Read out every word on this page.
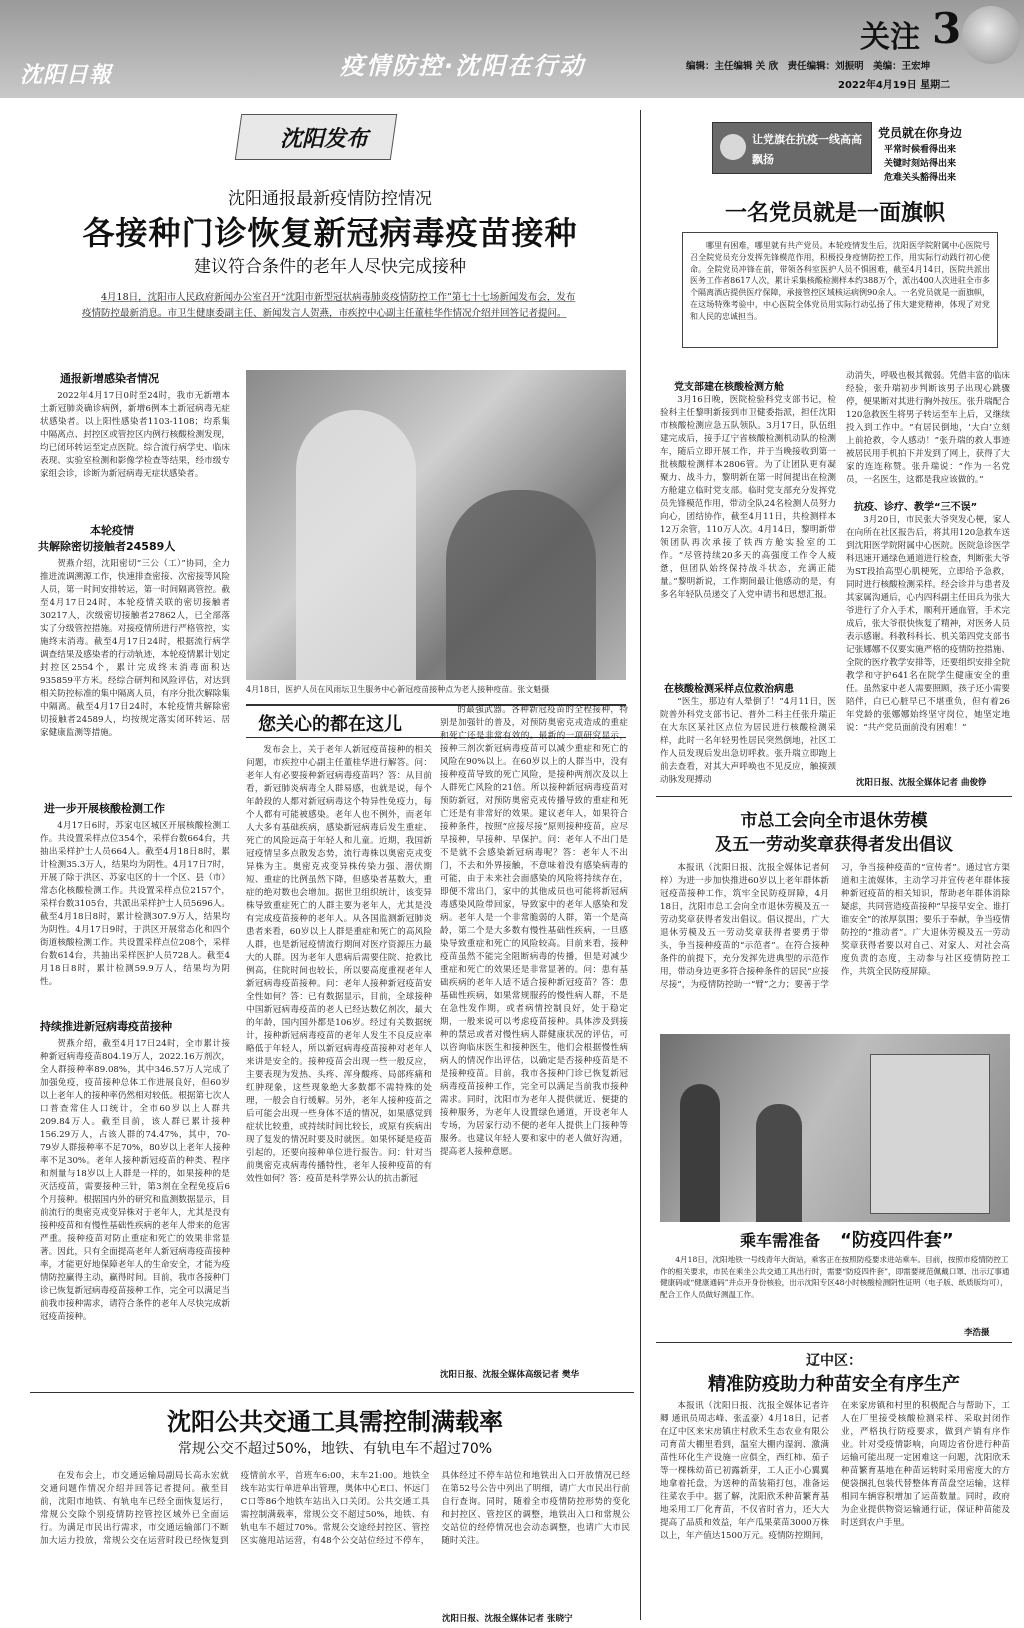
沈阳日報	疫情防控·沈阳在行动
关注 3
编辑：主任编辑 关 欣　责任编辑：刘振明　美编：王宏坤
2022年4月19日 星期二
沈阳发布
沈阳通报最新疫情防控情况
各接种门诊恢复新冠病毒疫苗接种
建议符合条件的老年人尽快完成接种
4月18日，沈阳市人民政府新闻办公室召开“沈阳市新型冠状病毒肺炎疫情防控工作”第七十七场新闻发布会，发布疫情防控最新消息。市卫生健康委副主任、新闻发言人贺燕，市疾控中心副主任董桂华作情况介绍并回答记者提问。
通报新增感染者情况
2022年4月17日0时至24时，我市无新增本土新冠肺炎确诊病例，新增6例本土新冠病毒无症状感染者。以上阳性感染者1103-1108；均系集中隔离点、封控区或管控区内例行核酸检测发现，均已闭环转运至定点医院。综合流行病学史、临床表现、实验室检测和影像学检查等结果，经市级专家组会诊，诊断为新冠病毒无症状感染者。
本轮疫情
共解除密切接触者24589人
贺燕介绍，沈阳密切“三公（工）”协同，全力推进流调溯源工作，快速排查密接、次密接等风险人员，第一时间安排转运，第一时间隔离管控。截至4月17日24时，本轮疫情关联的密切接触者30217人，次级密切接触者27862人，已全部落实了分级管控措施。对接疫情所进行严格管控，实施终末消毒。截至4月17日24时，根据流行病学调查结果及感染者的行动轨迹，本轮疫情累计划定封控区2554个，累计完成终末消毒面积达935859平方米。经综合研判和风险评估，对达到相关防控标准的集中隔离人员，有序分批次解除集中隔离。截至4月17日24时，本轮疫情共解除密切接触者24589人，均按规定落实闭环转运、居家健康监测等措施。
进一步开展核酸检测工作
4月17日6时，苏家屯区城区开展核酸检测工作。共设置采样点位354个，采样台数664台，共抽出采样护士人员664人。截至4月18日8时，累计检测35.3万人，结果均为阴性。4月17日7时，开展了除于洪区、苏家屯区的十一个区、县（市）常态化核酸检测工作。共设置采样点位2157个，采样台数3105台，共派出采样护士人员5696人。截至4月18日8时，累计检测307.9万人，结果均为阴性。4月17日9时，于洪区开展常态化和四个街道核酸检测工作。共设置采样点位208个，采样台数614台，共抽出采样医护人员728人。截至4月18日8时，累计检测59.9万人，结果均为阴性。
持续推进新冠病毒疫苗接种
贺燕介绍，截至4月17日24时，全市累计接种新冠病毒疫苗804.19万人，2022.16万剂次，全人群接种率89.08%，其中346.57万人完成了加强免疫，疫苗接种总体工作进展良好，但60岁以上老年人的接种率仍然相对较低。根据第七次人口普查常住人口统计，全市60岁以上人群共209.84万人。截至目前，该人群已累计接种156.29万人，占该人群的74.47%，其中，70-79岁人群接种率不足70%，80岁以上老年人接种率不足30%。老年人接种新冠疫苗的种类、程序和剂量与18岁以上人群是一样的，如果接种的是灭活疫苗，需要接种三针，第3剂在全程免疫后6个月接种。根据国内外的研究和监测数据显示，目前流行的奥密克戎变异株对于老年人，尤其是没有接种疫苗和有慢性基础性疾病的老年人带来的危害严重。接种疫苗对防止重症和死亡的效果非常显著。因此，只有全面提高老年人新冠病毒疫苗接种率，才能更好地保障老年人的生命安全，才能为疫情防控赢得主动，赢得时间。目前，我市各接种门诊已恢复新冠病毒疫苗接种工作，完全可以满足当前我市接种需求，请符合条件的老年人尽快完成新冠疫苗接种。
4月18日，医护人员在风雨坛卫生服务中心新冠疫苗接种点为老人接种疫苗。张文魁摄
您关心的都在这儿
发布会上，关于老年人新冠疫苗接种的相关问题，市疾控中心副主任董桂华进行解答。问：老年人有必要接种新冠病毒疫苗吗？答：从目前看，新冠肺炎病毒全人群易感，也就是说，每个年龄段的人都对新冠病毒这个特异性免疫力，每个人都有可能被感染。老年人也不例外，而老年人大多有基础疾病，感染新冠病毒后发生重症、死亡的风险远高于年轻人和儿童。近期，我国新冠疫情呈多点散发态势，流行毒株以奥密克戎变异株为主。奥密克戎变异株传染力强、潜伏期短、重症的比例虽然下降，但感染者基数大，重症的绝对数也会增加。据世卫组织统计，该变异株导致重症死亡的人群主要为老年人，尤其是没有完成疫苗接种的老年人。从各国监测新冠肺炎患者来看，60岁以上人群是重症和死亡的高风险人群，也是新冠疫情流行期间对医疗资源压力最大的人群。因为老年人患病后需要住院、抢救比例高，住院时间也较长，所以要高度重视老年人新冠病毒疫苗接种。问：老年人接种新冠疫苗安全性如何？答：已有数据显示，目前，全球接种中国新冠病毒疫苗的老人已经达数亿剂次，最大的年龄，国内国外都是106岁。经过有关数据统计，接种新冠病毒疫苗的老年人发生不良反应率略低于年轻人，所以新冠病毒疫苗接种对老年人来讲是安全的。接种疫苗会出现一些一般反应，主要表现为发热、头疼、浑身酸疼、局部疼痛和红肿现象，这些现象绝大多数都不需特殊的处理，一般会自行缓解。另外，老年人接种疫苗之后可能会出现一些身体不适的情况，如果感觉到症状比较重，或持续时间比较长，或原有疾病出现了复发的情况时要及时就医。如果怀疑是疫苗引起的，还要向接种单位进行报告。问：针对当前奥密克戎病毒传播特性，老年人接种疫苗的有效性如何？答：疫苗是科学界公认的抗击新冠
的最强武器。各种新冠疫苗的全程接种，特别是加强针的普及，对预防奥密克戎造成的重症和死亡还是非常有效的。最新的一项研究显示，接种三剂次新冠病毒疫苗可以减少重症和死亡的风险在90%以上。在60岁以上的人群当中，没有接种疫苗导致的死亡风险，是接种两剂次及以上人群死亡风险的21倍。所以接种新冠病毒疫苗对预防新冠，对预防奥密克戎传播导致的重症和死亡还是有非常好的效果。建议老年人，如果符合接种条件，按照“应接尽接”原则接种疫苗，应尽早接种，早接种、早保护。问：老年人不出门是不是就不会感染新冠病毒呢？答：老年人不出门，不去和外界接触，不意味着没有感染病毒的可能，由于未来社会面感染的风险将持续存在，即便不常出门，家中的其他成员也可能将新冠病毒感染风险带回家，导致家中的老年人感染和发病。老年人是一个非常脆弱的人群，第一个是高龄，第二个是大多数有慢性基础性疾病，一旦感染导致重症和死亡的风险较高。目前来看，接种疫苗虽然不能完全阻断病毒的传播，但是对减少重症和死亡的效果还是非常显著的。问：患有基础疾病的老年人适不适合接种新冠疫苗？答：患基础性疾病，如果常规服药的慢性病人群，不是在急性发作期，或者病情控制良好，处于稳定期，一般来说可以考虑疫苗接种。具体涉及到接种的禁忌或者对慢性病人群健康状况的评估，可以咨询临床医生和接种医生，他们会根据慢性病病人的情况作出评估，以确定是否接种疫苗是不是接种疫苗。目前，我市各接种门诊已恢复新冠病毒疫苗接种工作，完全可以满足当前我市接种需求。同时，沈阳市为老年人提供就近、便捷的接种服务，为老年人设置绿色通道，开设老年人专场，为居家行动不便的老年人提供上门接种等服务。也建议年轻人要和家中的老人做好沟通，提高老人接种意愿。
沈阳日报、沈报全媒体高级记者 樊华
沈阳公共交通工具需控制满载率
常规公交不超过50%，地铁、有轨电车不超过70%
在发布会上，市交通运输局副局长高永宏就交通问题作情况介绍并回答记者提问。截至目前，沈阳市地铁、有轨电车已经全面恢复运行，常规公交除个别疫情防控管控区域外已全面运行。为满足市民出行需求，市交通运输部门不断加大运力投放，常规公交在运营时段已经恢复到疫情前水平，首班车6:00，末车21:00。地铁全线车站实行单进单出管理，奥体中心E口、怀远门C口等86个地铁车站出入口关闭。公共交通工具需控制满载率，常规公交不超过50%，地铁、有轨电车不超过70%。常规公交途经封控区、管控区实施甩站运营，有48个公交站位经过不停车，具体经过不停车站位和地铁出入口开放情况已经在第52号公告中列出了明细，请广大市民出行前自行查询。同时，随着全市疫情防控形势的变化和封控区、管控区的调整，地铁出入口和常规公交站位的经停情况也会动态调整，也请广大市民随时关注。
沈阳日报、沈报全媒体记者 张晓宁
让党旗在抗疫一线高高飘扬
党员就在你身边
平常时候看得出来
关键时刻站得出来
危难关头豁得出来
一名党员就是一面旗帜
哪里有困难，哪里就有共产党员。本轮疫情发生后，沈阳医学院附属中心医院号召全院党员充分发挥先锋模范作用，积极投身疫情防控工作，用实际行动践行初心使命。全院党员冲锋在前，带领各科室医护人员不惧困难，截至4月14日，医院共派出医务工作者8617人次，累计采集核酸检测样本约388万个，派出400人次进驻全市多个隔离酒店提供医疗保障，承接管控区域核运病例90余人。一名党员就是一面旗帜，在这场特殊考验中，中心医院全体党员用实际行动弘扬了伟大建党精神，体现了对党和人民的忠诚担当。
党支部建在核酸检测方舱
3月16日晚，医院检验科党支部书记，检验科主任黎明新接到市卫健委指派，担任沈阳市核酸检测应急五队领队。3月17日，队伍组建完成后，接手辽宁省核酸检测机动队的检测车，随后立即开展工作，并于当晚接收到第一批核酸检测样本2806管。为了让团队更有凝聚力、战斗力，黎明新在第一时间提出在检测方舱建立临时党支部。临时党支部充分发挥党员先锋模范作用，带动全队24名检测人员努力向心，团结协作，截至4月11日，共检测样本12万余管，110万人次。4月14日，黎明新带领团队再次承接了铁西方舱实验室的工作。“尽管持续20多天的高强度工作令人疲惫，但团队始终保持战斗状态，充满正能量。”黎明新说，工作期间最让他感动的是，有多名年轻队员递交了入党申请书和思想汇报。
在核酸检测采样点位救治病患
“医生，那边有人晕倒了！”4月11日，医院普外科党支部书记、普外二科主任张升瑞正在大东区某社区点位为居民进行核酸检测采样，此时一名年轻男性居民突然倒地，社区工作人员发现后发出急切呼救。张升瑞立即跑上前去查看，对其大声呼唤也不见反应，触摸颈动脉发现搏动
动消失，呼吸也极其微弱。凭借丰富的临床经验，张升瑞初步判断该男子出现心跳骤停，便果断对其进行胸外按压。张升瑞配合120急救医生将男子转运至车上后，又继续投入到工作中。“有居民倒地，‘大白’立刻上前抢救，令人感动！”张升瑞的救人事迹被居民用手机拍下并发到了网上，获得了大家的连连称赞。张升瑞说：“作为一名党员，一名医生，这都是我应该做的。”
抗疫、诊疗、教学“三不误”
3月20日，市民张大爷突发心梗，家人在向所在社区报告后，将其用120急救车送到沈阳医学院附属中心医院。医院急诊医学科迅速开通绿色通道进行检查，判断张大爷为ST段抬高型心肌梗死，立即给予急救，同时进行核酸检测采样。经会诊并与患者及其家属沟通后，心内四科副主任田兵为张大爷进行了介入手术，顺利开通血管，手术完成后，张大爷很快恢复了精神，对医务人员表示感谢。科教科科长、机关第四党支部书记张娜娜不仅要实施严格的疫情防控措施、全院的医疗教学安排等，还要组织安排全院教学和守护641名在院学生健康安全的重任。虽然家中老人需要照顾，孩子还小需要陪伴，白已心脏早已不堪重负，但有着26年党龄的张娜娜始终坚守岗位，她坚定地说：“共产党员面前没有困难！”
沈阳日报、沈报全媒体记者 曲俊铮
市总工会向全市退休劳模
及五一劳动奖章获得者发出倡议
本报讯（沈阳日报、沈报全媒体记者何梓）为进一步加快推进60岁以上老年群体新冠疫苗接种工作，筑牢全民防疫屏障，4月18日，沈阳市总工会向全市退休劳模及五一劳动奖章获得者发出倡议。倡议提出，广大退休劳模及五一劳动奖章获得者要勇于带头，争当接种疫苗的“示范者”。在符合接种条件的前提下，充分发挥先进典型的示范作用，带动身边更多符合接种条件的居民“应接尽接”，为疫情防控助一“臂”之力；要善于学习，争当接种疫苗的“宣传者”。通过官方渠道和主流媒体，主动学习并宣传老年群体接种新冠疫苗的相关知识，帮助老年群体消除疑虑，共同营造疫苗接种“早接早安全、谁打谁安全”的浓厚氛围；要乐于奉献，争当疫情防控的“推动者”。广大退休劳模及五一劳动奖章获得者要以对自己、对家人、对社会高度负责的态度，主动参与社区疫情防控工作，共筑全民防疫屏障。
乘车需准备 “防疫四件套”
4月18日，沈阳地铁一号线青年大街站，乘客正在按照防疫要求进站乘车。目前，按照市疫情防控工作的相关要求，市民在乘坐公共交通工具出行时，需要“防疫四件套”，即需要规范佩戴口罩、出示辽事通健康码或“健康通码”并点开身份核验，出示沈阳专区48小时核酸检测阴性证明（电子版、纸质版均可），配合工作人员做好测温工作。
李浩摄
辽中区：
精准防疫助力种苗安全有序生产
本报讯（沈阳日报、沈报全媒体记者许卿 通讯员周志峰、张孟豪）4月18日，记者在辽中区来宋房镇庄村欣禾生态农业有限公司育苗大棚里看到，温室大棚内湿润、激满苗性环化生产设施一应俱全，西红柿、茄子等一棵株幼苗已初露新芽，工人正小心翼翼地拿着托盘，为送种的苗装箱打包，准备运往菜农手中。据了解，沈阳欣禾种苗繁育基地采用工厂化育苗，不仅省时省力，还大大提高了品质和效益，年产瓜果菜苗3000万株以上，年产值达1500万元。疫情防控期间，在来家房镇和村里的积极配合与帮助下，工人在厂里接受核酸检测采样、采取封闭作业，严格执行防疫要求，做到产销有序作业。针对受疫情影响，向周边省份进行种苗运输可能出现一定困难这一问题，沈阳欣禾种苗繁育基地在种苗运转时采用密度大的方便袋捆扎包装代替整体育苗盘空运输，这样相同车辆容积增加了运苗数量。同时，政府为企业提供物资运输通行证，保证种苗能及时送到农户手里。
